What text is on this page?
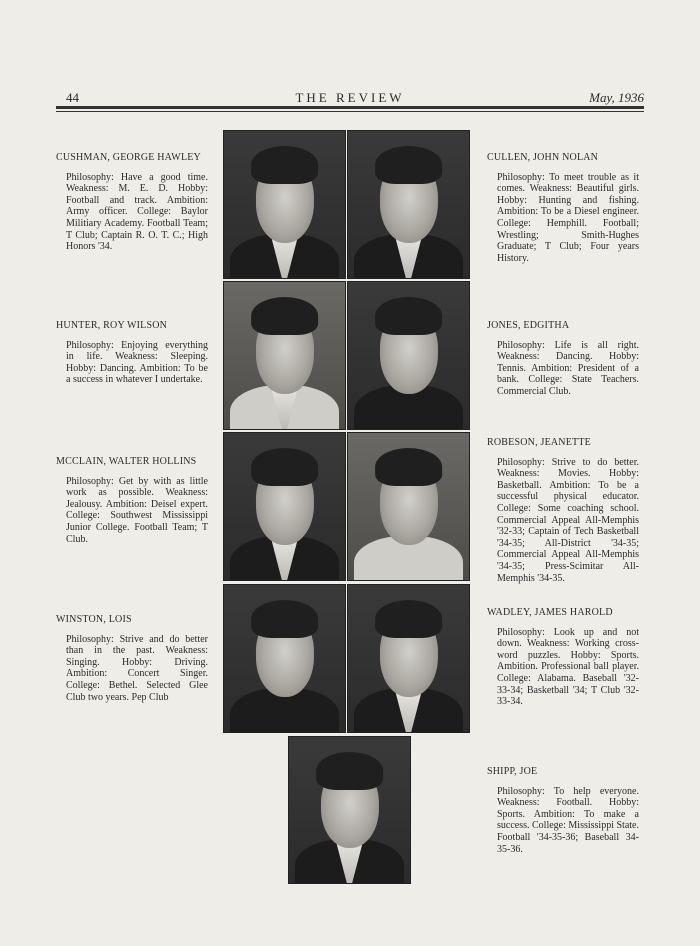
44	THE REVIEW	May, 1936
CUSHMAN, GEORGE HAWLEY
Philosophy: Have a good time. Weakness: M. E. D. Hobby: Football and track. Ambition: Army officer. College: Baylor Militiary Academy. Football Team; T Club; Captain R. O. T. C.; High Honors '34.
CULLEN, JOHN NOLAN
Philosophy: To meet trouble as it comes. Weakness: Beautiful girls. Hobby: Hunting and fishing. Ambition: To be a Diesel engineer. College: Hemphill. Football; Wrestling; Smith-Hughes Graduate; T Club; Four years History.
HUNTER, ROY WILSON
Philosophy: Enjoying everything in life. Weakness: Sleeping. Hobby: Dancing. Ambition: To be a success in whatever I undertake.
JONES, EDGITHA
Philosophy: Life is all right. Weakness: Dancing. Hobby: Tennis. Ambition: President of a bank. College: State Teachers. Commercial Club.
MCCLAIN, WALTER HOLLINS
Philosophy: Get by with as little work as possible. Weakness: Jealousy. Ambition: Deisel expert. College: Southwest Mississippi Junior College. Football Team; T Club.
ROBESON, JEANETTE
Philosophy: Strive to do better. Weakness: Movies. Hobby: Basketball. Ambition: To be a successful physical educator. College: Some coaching school. Commercial Appeal All-Memphis '32-33; Captain of Tech Basketball '34-35; All-District '34-35; Commercial Appeal All-Memphis '34-35; Press-Scimitar All-Memphis '34-35.
WINSTON, LOIS
Philosophy: Strive and do better than in the past. Weakness: Singing. Hobby: Driving. Ambition: Concert Singer. College: Bethel. Selected Glee Club two years. Pep Club
WADLEY, JAMES HAROLD
Philosophy: Look up and not down. Weakness: Working cross-word puzzles. Hobby: Sports. Ambition. Professional ball player. College: Alabama. Baseball '32-33-34; Basketball '34; T Club '32-33-34.
SHIPP, JOE
Philosophy: To help everyone. Weakness: Football. Hobby: Sports. Ambition: To make a success. College: Mississippi State. Football '34-35-36; Baseball 34-35-36.
